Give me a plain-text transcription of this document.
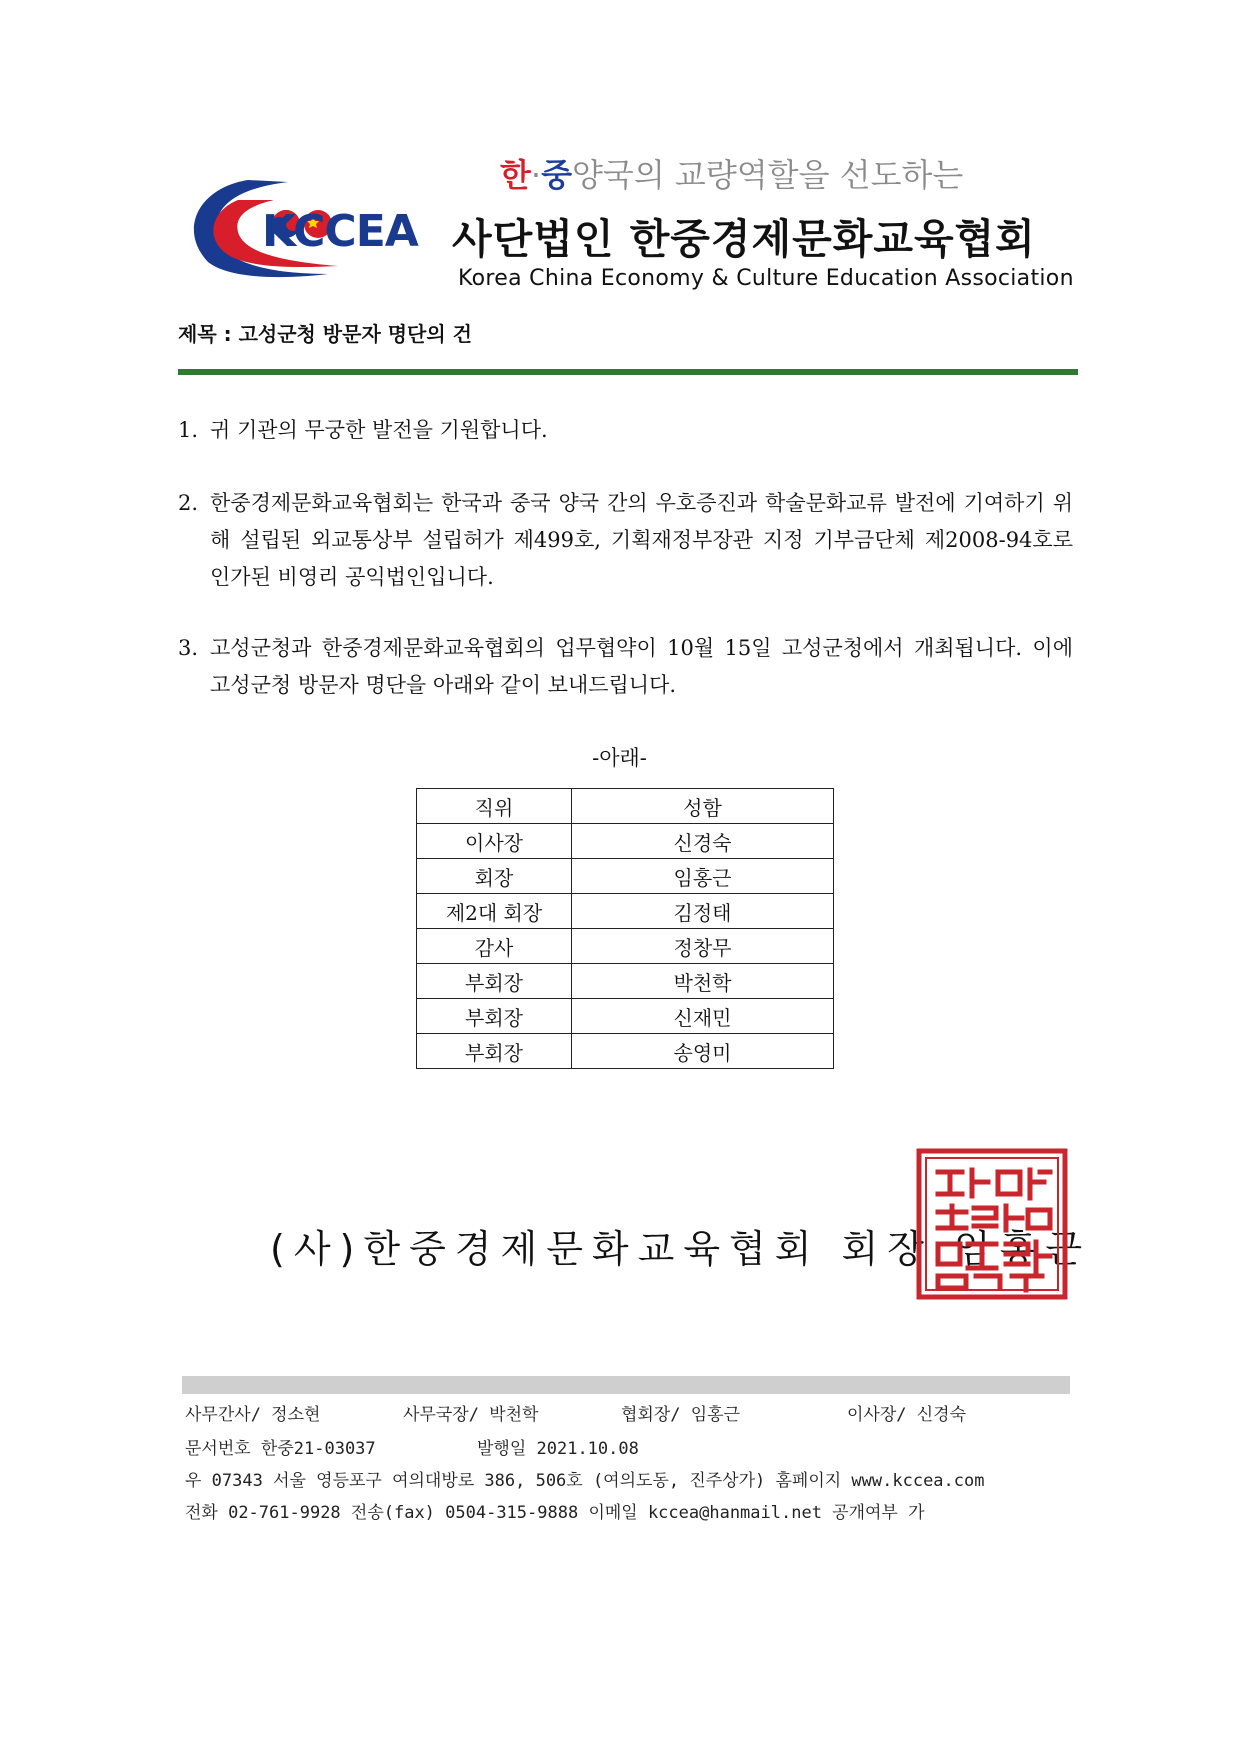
한·중양국의 교량역할을 선도하는
KCCEA 사단법인 한중경제문화교육협회
Korea China Economy & Culture Education Association
제목 : 고성군청 방문자 명단의 건
1. 귀 기관의 무궁한 발전을 기원합니다.
2. 한중경제문화교육협회는 한국과 중국 양국 간의 우호증진과 학술문화교류 발전에 기여하기 위해 설립된 외교통상부 설립허가 제499호, 기획재정부장관 지정 기부금단체 제2008-94호로 인가된 비영리 공익법인입니다.
3. 고성군청과 한중경제문화교육협회의 업무협약이 10월 15일 고성군청에서 개최됩니다. 이에 고성군청 방문자 명단을 아래와 같이 보내드립니다.
-아래-
직위	성함
이사장	신경숙
회장	임홍근
제2대 회장	김정태
감사	정창무
부회장	박천학
부회장	신재민
부회장	송영미
(사)한중경제문화교육협회 회장 임홍근
사무간사/ 정소현	사무국장/ 박천학	협회장/ 임홍근	이사장/ 신경숙
문서번호 한중21-03037	발행일 2021.10.08
우 07343 서울 영등포구 여의대방로 386, 506호 (여의도동, 진주상가) 홈페이지 www.kccea.com
전화 02-761-9928 전송(fax) 0504-315-9888 이메일 kccea@hanmail.net 공개여부 가
